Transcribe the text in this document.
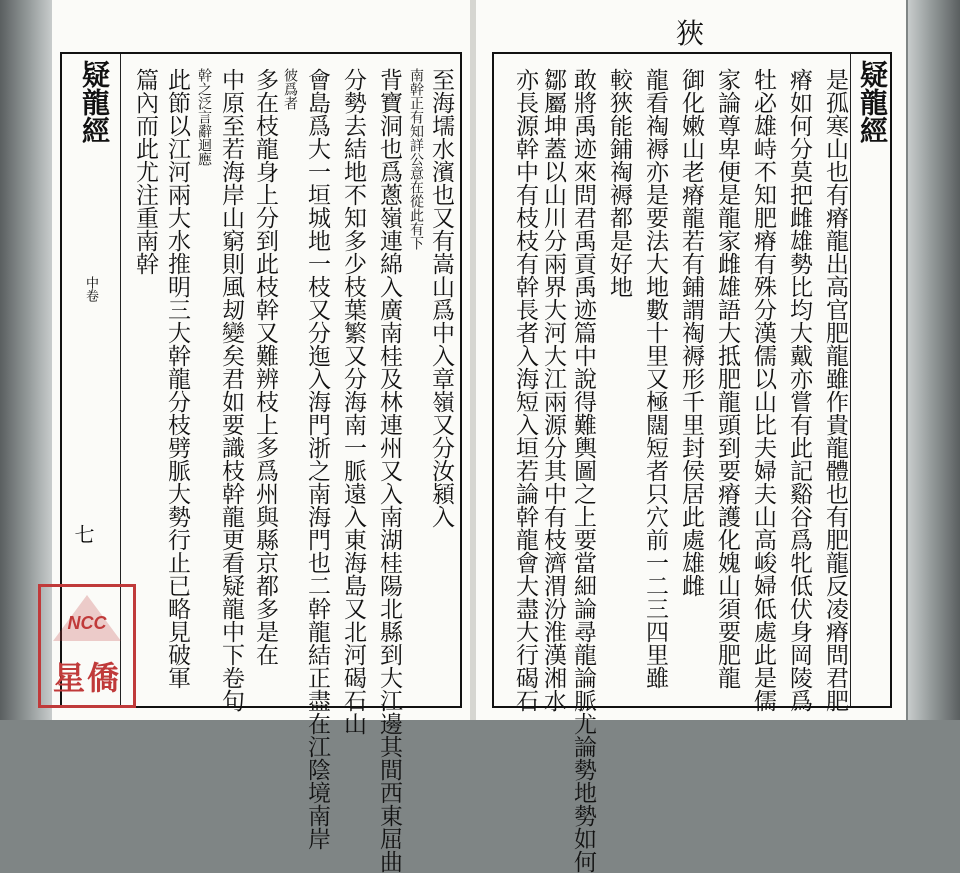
至海壖水濱也又有嵩山爲中入章嶺又分汝潁入
南幹正有知詳公意在從此有下
背寶洞也爲蔥嶺連綿入廣南桂及林連州又入南湖桂陽北縣到大江邊其間西東屈曲
分勢去結地不知多少枝葉繁又分海南一脈遠入東海島又北河碣石山
會島爲大一垣城地一枝又分迤入海門浙之南海門也二幹龍結正盡在江陰境南岸
彼爲者
多在枝龍身上分到此枝幹又難辨枝上多爲州與縣京都多是在
中原至若海岸山窮則風刼變矣君如要識枝幹龍更看疑龍中下卷句
幹之泛言辭迴應
此節以江河兩大水推明三大幹龍分枝劈脈大勢行止已略見破軍
篇內而此尤注重南幹
疑龍經
中卷
七
狹
疑龍經
是孤寒山也有瘠龍出高官肥龍雖作貴龍體也有肥龍反凌瘠問君肥
瘠如何分莫把雌雄勢比均大戴亦嘗有此記谿谷爲牝低伏身岡陵爲
牡必雄峙不知肥瘠有殊分漢儒以山比夫婦夫山高峻婦低處此是儒
家論尊卑便是龍家雌雄語大抵肥龍頭到要瘠護化媿山須要肥龍
御化嫩山老瘠龍若有鋪謂祹褥形千里封侯居此處雄雌
龍看祹褥亦是要法大地數十里又極闊短者只穴前一二三四里雖
較狹能鋪祹褥都是好地
敢將禹迹來問君禹貢禹迹篇中說得難輿圖之上要當細論尋龍論脈尤論勢地勢如何
鄒屬坤蓋以山川分兩界大河大江兩源分其中有枝濟渭汾淮漢湘水
亦長源幹中有枝枝有幹長者入海短入垣若論幹龍會大盡大行碣石
NCC
星僑
